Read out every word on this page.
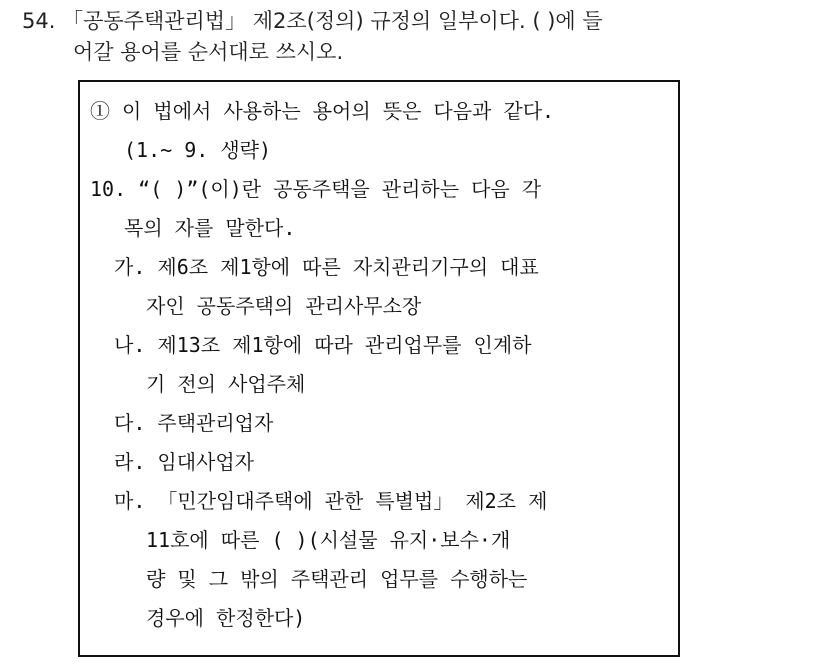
54. 「공동주택관리법」 제2조(정의) 규정의 일부이다. ( )에 들
어갈 용어를 순서대로 쓰시오.
① 이 법에서 사용하는 용어의 뜻은 다음과 같다.
(1.~ 9. 생략)
10. “( )”(이)란 공동주택을 관리하는 다음 각
목의 자를 말한다.
가. 제6조 제1항에 따른 자치관리기구의 대표
자인 공동주택의 관리사무소장
나. 제13조 제1항에 따라 관리업무를 인계하
기 전의 사업주체
다. 주택관리업자
라. 임대사업자
마. 「민간임대주택에 관한 특별법」 제2조 제
11호에 따른 ( )(시설물 유지·보수·개
량 및 그 밖의 주택관리 업무를 수행하는
경우에 한정한다)
